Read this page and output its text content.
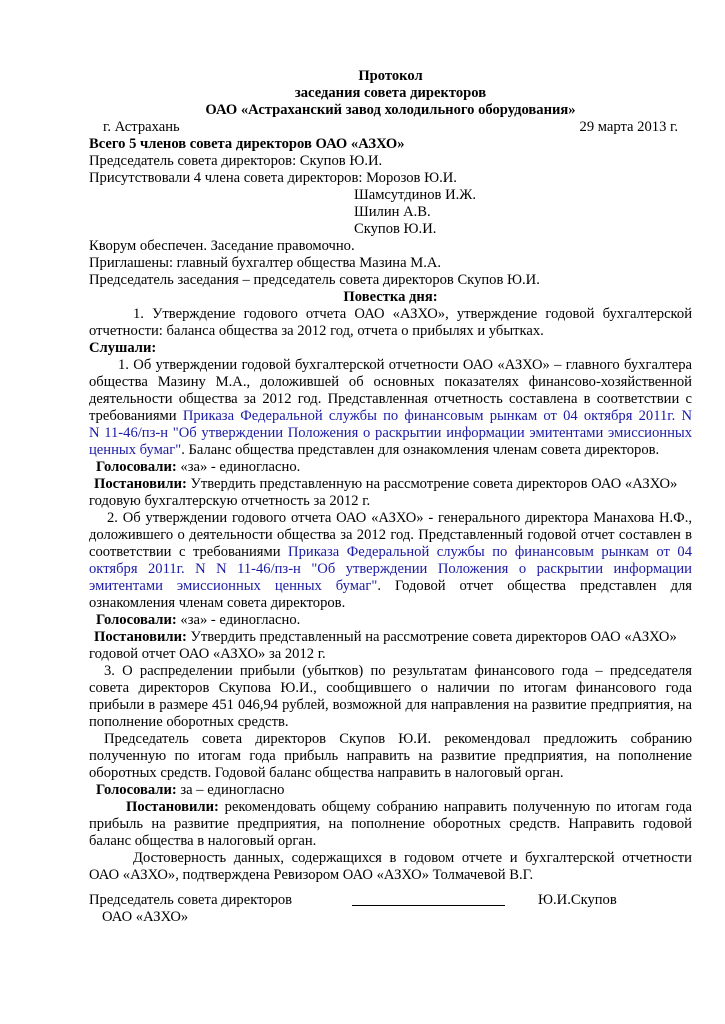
Протокол
заседания совета директоров
ОАО «Астраханский завод холодильного оборудования»
г. Астрахань	29 марта 2013 г.
Всего 5 членов совета директоров ОАО «АЗХО»
Председатель совета директоров: Скупов Ю.И.
Присутствовали 4 члена совета директоров: Морозов Ю.И.
Шамсутдинов И.Ж.
Шилин А.В.
Скупов Ю.И.
Кворум обеспечен. Заседание правомочно.
Приглашены: главный бухгалтер общества Мазина М.А.
Председатель заседания – председатель совета директоров Скупов Ю.И.
Повестка дня:
1. Утверждение годового отчета ОАО «АЗХО», утверждение годовой бухгалтерской
отчетности: баланса общества за 2012 год, отчета о прибылях и убытках.
Слушали:
1. Об утверждении годовой бухгалтерской отчетности ОАО «АЗХО» – главного бухгалтера
общества Мазину М.А., доложившей об основных показателях финансово-хозяйственной
деятельности общества за 2012 год. Представленная отчетность составлена в соответствии с
требованиями Приказа Федеральной службы по финансовым рынкам от 04 октября 2011г. N
N 11-46/пз-н "Об утверждении Положения о раскрытии информации эмитентами эмиссионных
ценных бумаг". Баланс общества представлен для ознакомления членам совета директоров.
Голосовали: «за» - единогласно.
Постановили: Утвердить представленную на рассмотрение совета директоров ОАО «АЗХО»
годовую бухгалтерскую отчетность за 2012 г.
2. Об утверждении годового отчета ОАО «АЗХО» - генерального директора Манахова Н.Ф.,
доложившего о деятельности общества за 2012 год. Представленный годовой отчет составлен в
соответствии с требованиями Приказа Федеральной службы по финансовым рынкам от 04
октября 2011г. N N 11-46/пз-н "Об утверждении Положения о раскрытии информации
эмитентами эмиссионных ценных бумаг". Годовой отчет общества представлен для
ознакомления членам совета директоров.
Голосовали: «за» - единогласно.
Постановили: Утвердить представленный на рассмотрение совета директоров ОАО «АЗХО»
годовой отчет ОАО «АЗХО» за 2012 г.
3. О распределении прибыли (убытков) по результатам финансового года – председателя
совета директоров Скупова Ю.И., сообщившего о наличии по итогам финансового года
прибыли в размере 451 046,94 рублей, возможной для направления на развитие предприятия, на
пополнение оборотных средств.
Председатель совета директоров Скупов Ю.И. рекомендовал предложить собранию
полученную по итогам года прибыль направить на развитие предприятия, на пополнение
оборотных средств. Годовой баланс общества направить в налоговый орган.
Голосовали: за – единогласно
Постановили: рекомендовать общему собранию направить полученную по итогам года
прибыль на развитие предприятия, на пополнение оборотных средств. Направить годовой
баланс общества в налоговый орган.
Достоверность данных, содержащихся в годовом отчете и бухгалтерской отчетности
ОАО «АЗХО», подтверждена Ревизором ОАО «АЗХО» Толмачевой В.Г.
Председатель совета директоров	Ю.И.Скупов
ОАО «АЗХО»
